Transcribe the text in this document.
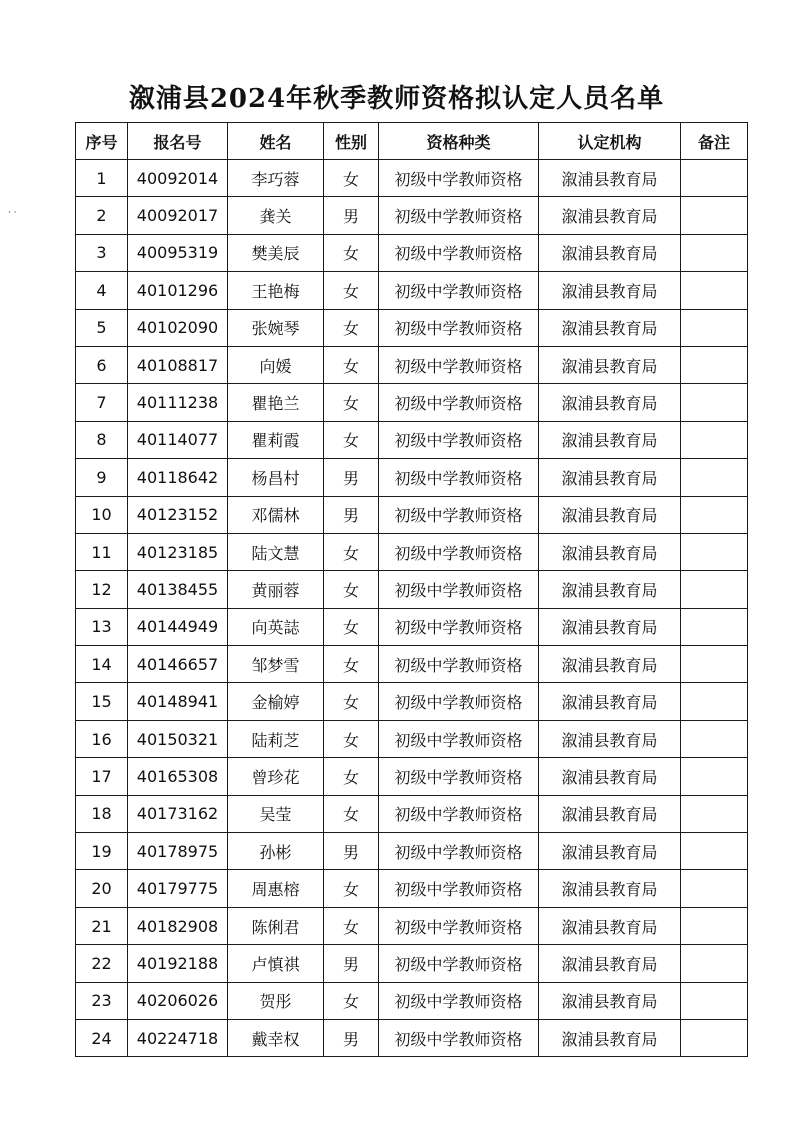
溆浦县2024年秋季教师资格拟认定人员名单
· ·
序号	报名号	姓名	性别	资格种类	认定机构	备注
1	40092014	李巧蓉	女	初级中学教师资格	溆浦县教育局	
2	40092017	龚关	男	初级中学教师资格	溆浦县教育局	
3	40095319	樊美辰	女	初级中学教师资格	溆浦县教育局	
4	40101296	王艳梅	女	初级中学教师资格	溆浦县教育局	
5	40102090	张婉琴	女	初级中学教师资格	溆浦县教育局	
6	40108817	向媛	女	初级中学教师资格	溆浦县教育局	
7	40111238	瞿艳兰	女	初级中学教师资格	溆浦县教育局	
8	40114077	瞿莉霞	女	初级中学教师资格	溆浦县教育局	
9	40118642	杨昌村	男	初级中学教师资格	溆浦县教育局	
10	40123152	邓儒林	男	初级中学教师资格	溆浦县教育局	
11	40123185	陆文慧	女	初级中学教师资格	溆浦县教育局	
12	40138455	黄丽蓉	女	初级中学教师资格	溆浦县教育局	
13	40144949	向英誌	女	初级中学教师资格	溆浦县教育局	
14	40146657	邹梦雪	女	初级中学教师资格	溆浦县教育局	
15	40148941	金榆婷	女	初级中学教师资格	溆浦县教育局	
16	40150321	陆莉芝	女	初级中学教师资格	溆浦县教育局	
17	40165308	曾珍花	女	初级中学教师资格	溆浦县教育局	
18	40173162	吴莹	女	初级中学教师资格	溆浦县教育局	
19	40178975	孙彬	男	初级中学教师资格	溆浦县教育局	
20	40179775	周惠榕	女	初级中学教师资格	溆浦县教育局	
21	40182908	陈俐君	女	初级中学教师资格	溆浦县教育局	
22	40192188	卢慎祺	男	初级中学教师资格	溆浦县教育局	
23	40206026	贺彤	女	初级中学教师资格	溆浦县教育局	
24	40224718	戴幸权	男	初级中学教师资格	溆浦县教育局	
